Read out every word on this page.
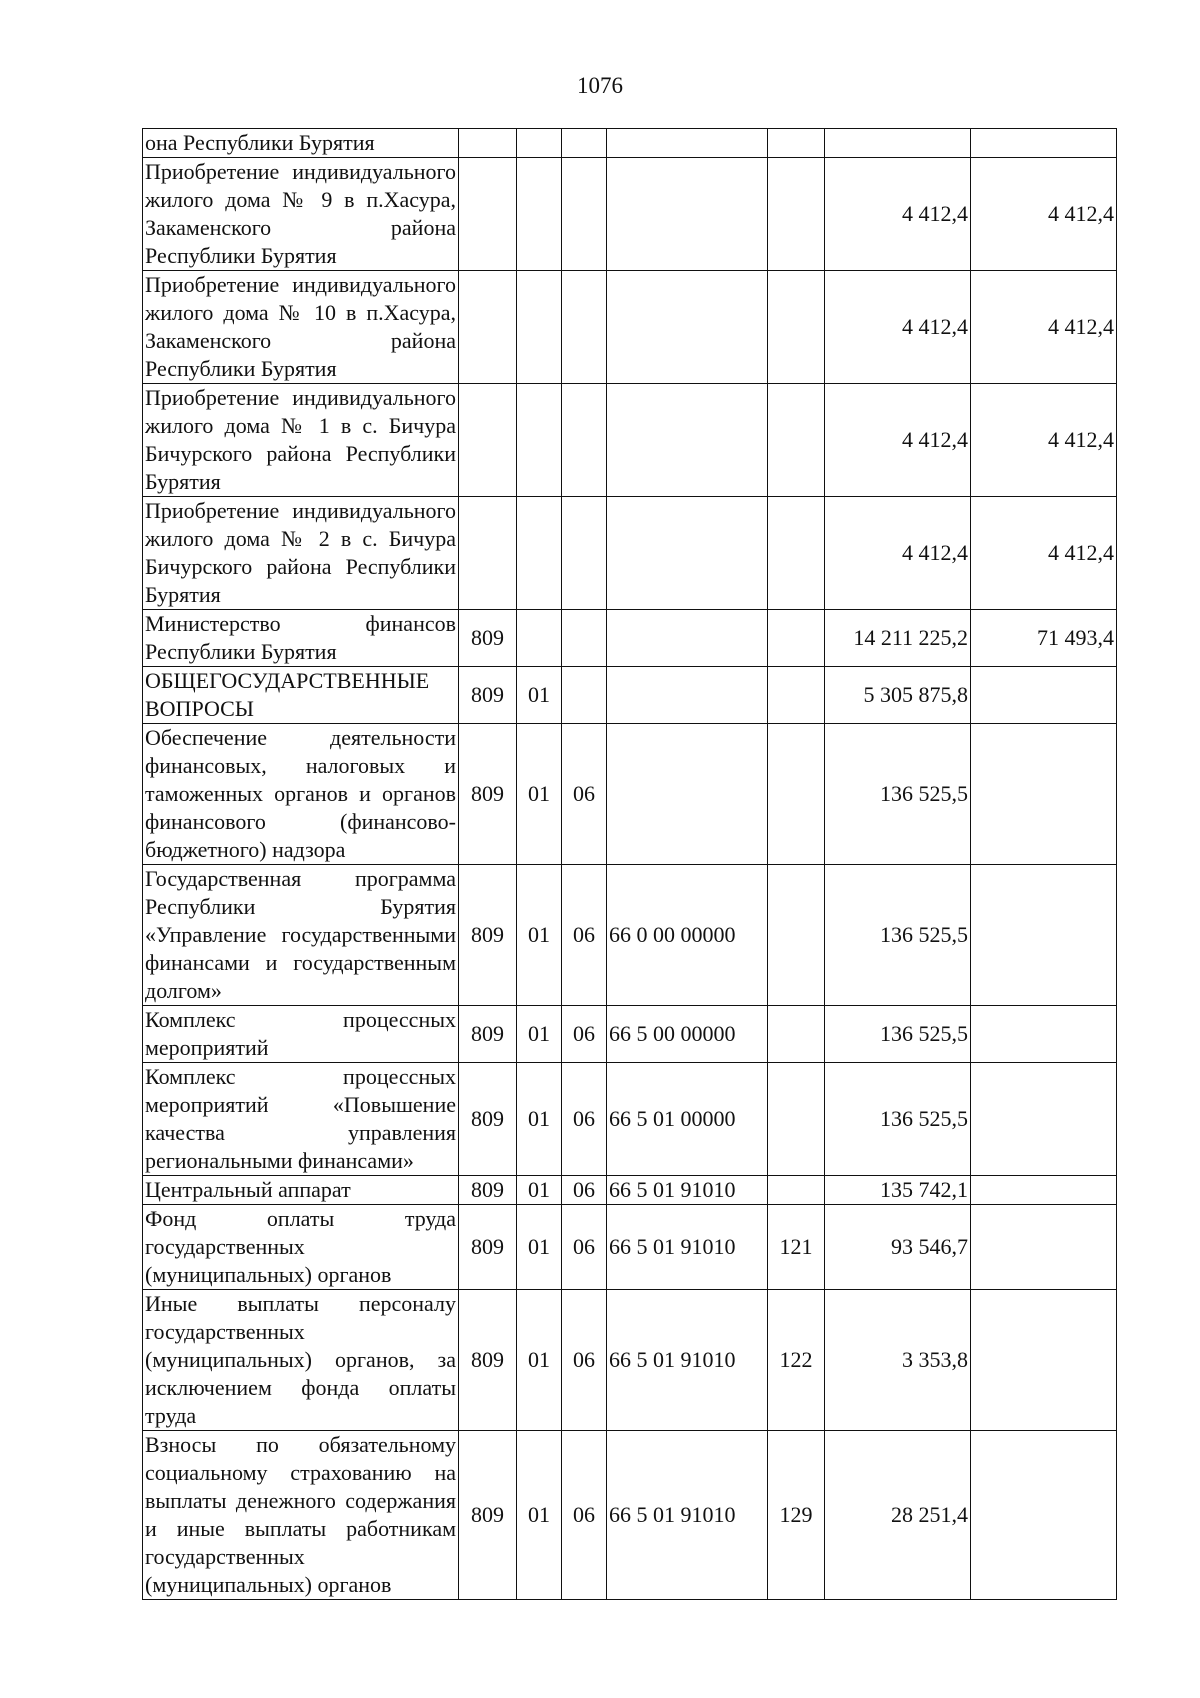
1076
она Республики Бурятия							
Приобретение индивидуального жилого дома № 9 в п.Хасура, Закаменского района Республики Бурятия						4 412,4	4 412,4
Приобретение индивидуального жилого дома № 10 в п.Хасура, Закаменского района Республики Бурятия						4 412,4	4 412,4
Приобретение индивидуального жилого дома № 1 в с. Бичура Бичурского района Республики Бурятия						4 412,4	4 412,4
Приобретение индивидуального жилого дома № 2 в с. Бичура Бичурского района Республики Бурятия						4 412,4	4 412,4
Министерство финансов Республики Бурятия	809					14 211 225,2	71 493,4
ОБЩЕГОСУДАРСТВЕННЫЕ ВОПРОСЫ	809	01				5 305 875,8	
Обеспечение деятельности финансовых, налоговых и таможенных органов и органов финансового (финансово-бюджетного) надзора	809	01	06			136 525,5	
Государственная программа Республики Бурятия «Управление государственными финансами и государственным долгом»	809	01	06	66 0 00 00000		136 525,5	
Комплекс процессных мероприятий	809	01	06	66 5 00 00000		136 525,5	
Комплекс процессных мероприятий «Повышение качества управления региональными финансами»	809	01	06	66 5 01 00000		136 525,5	
Центральный аппарат	809	01	06	66 5 01 91010		135 742,1	
Фонд оплаты труда государственных (муниципальных) органов	809	01	06	66 5 01 91010	121	93 546,7	
Иные выплаты персоналу государственных (муниципальных) органов, за исключением фонда оплаты труда	809	01	06	66 5 01 91010	122	3 353,8	
Взносы по обязательному социальному страхованию на выплаты денежного содержания и иные выплаты работникам государственных (муниципальных) органов	809	01	06	66 5 01 91010	129	28 251,4	
